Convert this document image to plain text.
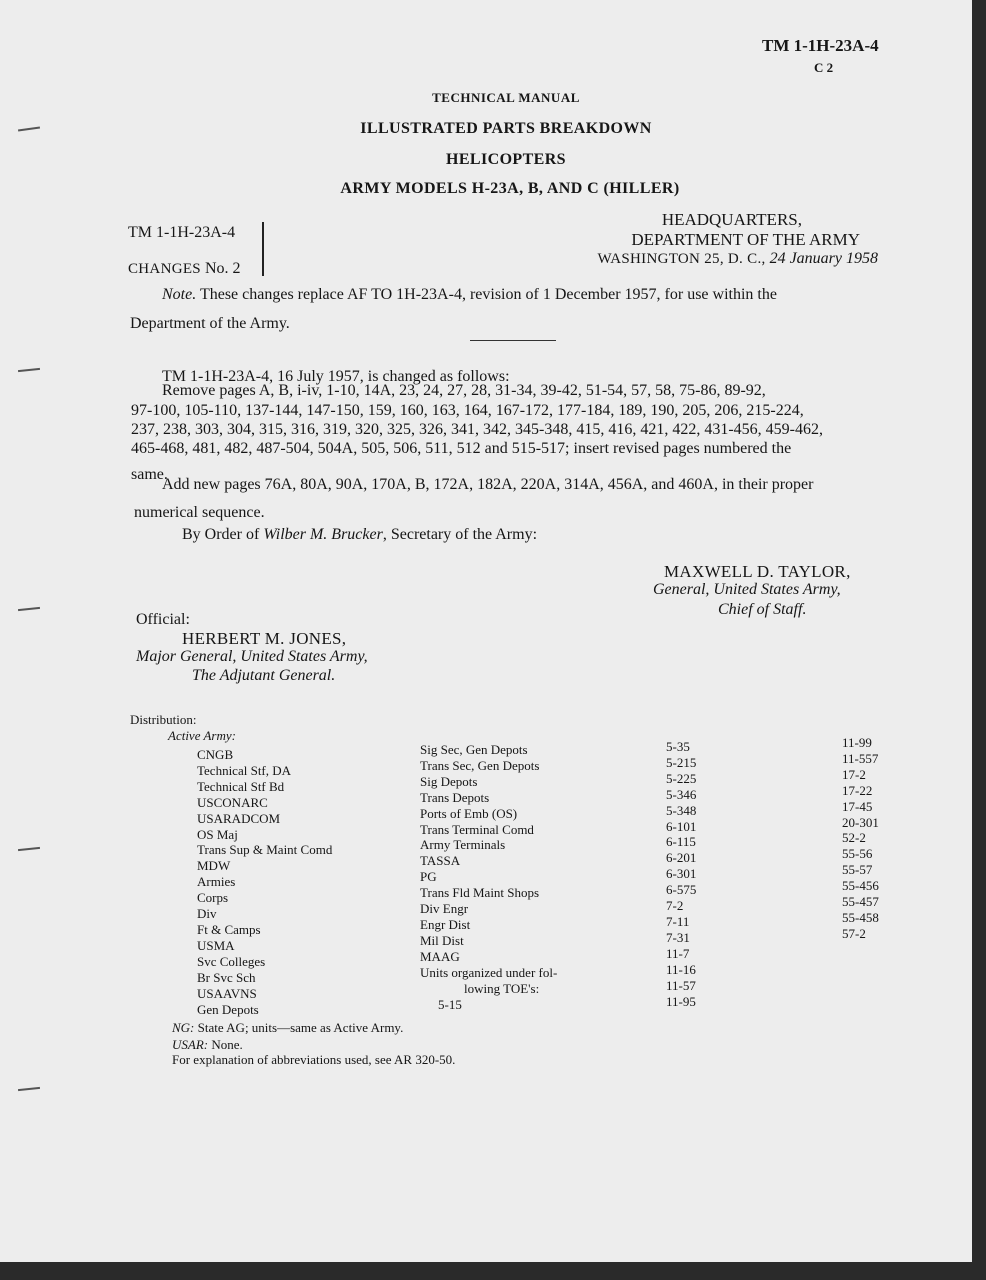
TM 1-1H-23A-4
C 2
TECHNICAL MANUAL
ILLUSTRATED PARTS BREAKDOWN
HELICOPTERS
ARMY MODELS H-23A, B, AND C (HILLER)
TM 1-1H-23A-4
CHANGES No. 2
HEADQUARTERS,
DEPARTMENT OF THE ARMY
WASHINGTON 25, D. C., 24 January 1958
Note. These changes replace AF TO 1H-23A-4, revision of 1 December 1957, for use within the
Department of the Army.
TM 1-1H-23A-4, 16 July 1957, is changed as follows:
Remove pages A, B, i-iv, 1-10, 14A, 23, 24, 27, 28, 31-34, 39-42, 51-54, 57, 58, 75-86, 89-92,
97-100, 105-110, 137-144, 147-150, 159, 160, 163, 164, 167-172, 177-184, 189, 190, 205, 206, 215-224,
237, 238, 303, 304, 315, 316, 319, 320, 325, 326, 341, 342, 345-348, 415, 416, 421, 422, 431-456, 459-462,
465-468, 481, 482, 487-504, 504A, 505, 506, 511, 512 and 515-517; insert revised pages numbered the
same.
Add new pages 76A, 80A, 90A, 170A, B, 172A, 182A, 220A, 314A, 456A, and 460A, in their proper
numerical sequence.
By Order of Wilber M. Brucker, Secretary of the Army:
MAXWELL D. TAYLOR,
General, United States Army,
Chief of Staff.
Official:
HERBERT M. JONES,
Major General, United States Army,
The Adjutant General.
Distribution:
Active Army:
CNGB
Technical Stf, DA
Technical Stf Bd
USCONARC
USARADCOM
OS Maj
Trans Sup & Maint Comd
MDW
Armies
Corps
Div
Ft & Camps
USMA
Svc Colleges
Br Svc Sch
USAAVNS
Gen Depots
Sig Sec, Gen Depots
Trans Sec, Gen Depots
Sig Depots
Trans Depots
Ports of Emb (OS)
Trans Terminal Comd
Army Terminals
TASSA
PG
Trans Fld Maint Shops
Div Engr
Engr Dist
Mil Dist
MAAG
Units organized under fol-
lowing TOE's:
5-15
5-35
5-215
5-225
5-346
5-348
6-101
6-115
6-201
6-301
6-575
7-2
7-11
7-31
11-7
11-16
11-57
11-95
11-99
11-557
17-2
17-22
17-45
20-301
52-2
55-56
55-57
55-456
55-457
55-458
57-2
NG: State AG; units—same as Active Army.
USAR: None.
For explanation of abbreviations used, see AR 320-50.
